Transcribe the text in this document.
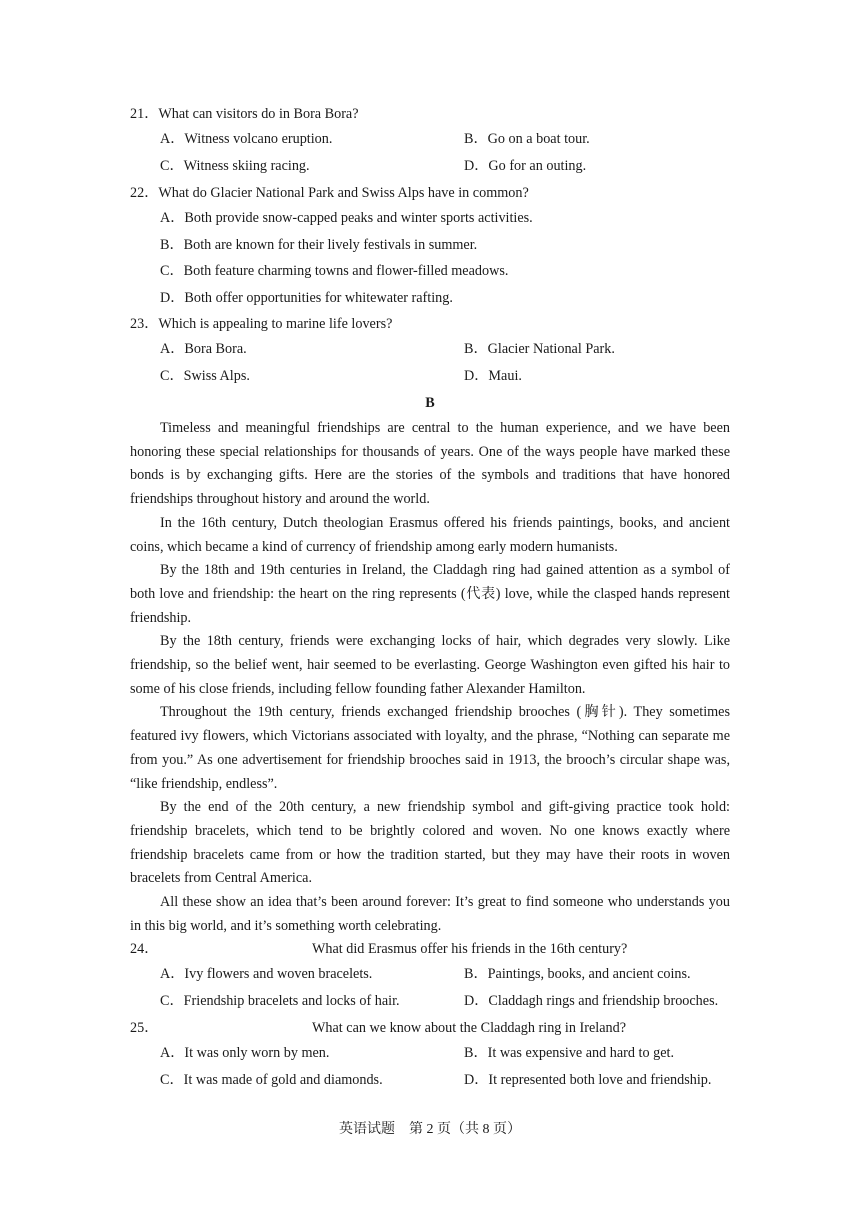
21．What can visitors do in Bora Bora?
A．Witness volcano eruption.	B．Go on a boat tour.
C．Witness skiing racing.	D．Go for an outing.
22．What do Glacier National Park and Swiss Alps have in common?
A．Both provide snow-capped peaks and winter sports activities.
B．Both are known for their lively festivals in summer.
C．Both feature charming towns and flower-filled meadows.
D．Both offer opportunities for whitewater rafting.
23．Which is appealing to marine life lovers?
A．Bora Bora.	B．Glacier National Park.
C．Swiss Alps.	D．Maui.
B

Timeless and meaningful friendships are central to the human experience, and we have been honoring these special relationships for thousands of years. One of the ways people have marked these bonds is by exchanging gifts. Here are the stories of the symbols and traditions that have honored friendships throughout history and around the world.

In the 16th century, Dutch theologian Erasmus offered his friends paintings, books, and ancient coins, which became a kind of currency of friendship among early modern humanists.

By the 18th and 19th centuries in Ireland, the Claddagh ring had gained attention as a symbol of both love and friendship: the heart on the ring represents (代表) love, while the clasped hands represent friendship.

By the 18th century, friends were exchanging locks of hair, which degrades very slowly. Like friendship, so the belief went, hair seemed to be everlasting. George Washington even gifted his hair to some of his close friends, including fellow founding father Alexander Hamilton.

Throughout the 19th century, friends exchanged friendship brooches (胸针). They sometimes featured ivy flowers, which Victorians associated with loyalty, and the phrase, “Nothing can separate me from you.” As one advertisement for friendship brooches said in 1913, the brooch’s circular shape was, “like friendship, endless”.

By the end of the 20th century, a new friendship symbol and gift-giving practice took hold: friendship bracelets, which tend to be brightly colored and woven. No one knows exactly where friendship bracelets came from or how the tradition started, but they may have their roots in woven bracelets from Central America.

All these show an idea that’s been around forever: It’s great to find someone who understands you in this big world, and it’s something worth celebrating.

24．	What did Erasmus offer his friends in the 16th century?
A．Ivy flowers and woven bracelets.	B．Paintings, books, and ancient coins.
C．Friendship bracelets and locks of hair.	D．Claddagh rings and friendship brooches.
25．	What can we know about the Claddagh ring in Ireland?
A．It was only worn by men.	B．It was expensive and hard to get.
C．It was made of gold and diamonds.	D．It represented both love and friendship.
英语试题　第 2 页（共 8 页）
